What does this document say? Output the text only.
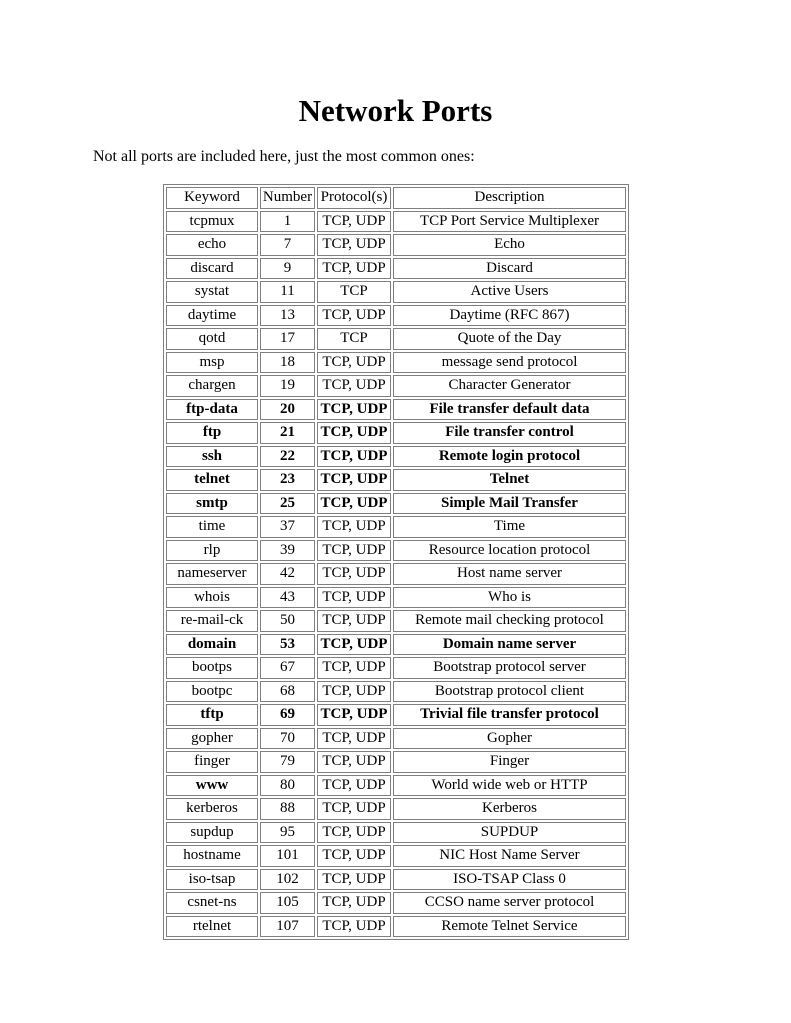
Network Ports

Not all ports are included here, just the most common ones:

Keyword	Number	Protocol(s)	Description
tcpmux	1	TCP, UDP	TCP Port Service Multiplexer
echo	7	TCP, UDP	Echo
discard	9	TCP, UDP	Discard
systat	11	TCP	Active Users
daytime	13	TCP, UDP	Daytime (RFC 867)
qotd	17	TCP	Quote of the Day
msp	18	TCP, UDP	message send protocol
chargen	19	TCP, UDP	Character Generator
ftp-data	20	TCP, UDP	File transfer default data
ftp	21	TCP, UDP	File transfer control
ssh	22	TCP, UDP	Remote login protocol
telnet	23	TCP, UDP	Telnet
smtp	25	TCP, UDP	Simple Mail Transfer
time	37	TCP, UDP	Time
rlp	39	TCP, UDP	Resource location protocol
nameserver	42	TCP, UDP	Host name server
whois	43	TCP, UDP	Who is
re-mail-ck	50	TCP, UDP	Remote mail checking protocol
domain	53	TCP, UDP	Domain name server
bootps	67	TCP, UDP	Bootstrap protocol server
bootpc	68	TCP, UDP	Bootstrap protocol client
tftp	69	TCP, UDP	Trivial file transfer protocol
gopher	70	TCP, UDP	Gopher
finger	79	TCP, UDP	Finger
www	80	TCP, UDP	World wide web or HTTP
kerberos	88	TCP, UDP	Kerberos
supdup	95	TCP, UDP	SUPDUP
hostname	101	TCP, UDP	NIC Host Name Server
iso-tsap	102	TCP, UDP	ISO-TSAP Class 0
csnet-ns	105	TCP, UDP	CCSO name server protocol
rtelnet	107	TCP, UDP	Remote Telnet Service
